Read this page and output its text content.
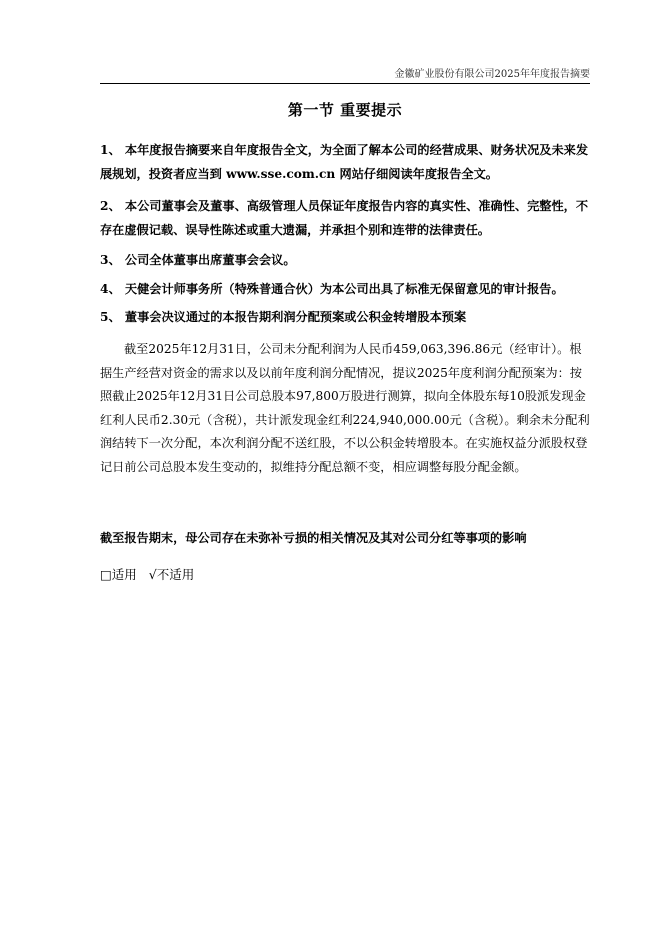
金徽矿业股份有限公司2025年年度报告摘要
第一节 重要提示
1、 本年度报告摘要来自年度报告全文，为全面了解本公司的经营成果、财务状况及未来发展规划，投资者应当到 www.sse.com.cn 网站仔细阅读年度报告全文。
2、 本公司董事会及董事、高级管理人员保证年度报告内容的真实性、准确性、完整性，不存在虚假记载、误导性陈述或重大遗漏，并承担个别和连带的法律责任。
3、 公司全体董事出席董事会会议。
4、 天健会计师事务所（特殊普通合伙）为本公司出具了标准无保留意见的审计报告。
5、 董事会决议通过的本报告期利润分配预案或公积金转增股本预案
截至2025年12月31日，公司未分配利润为人民币459,063,396.86元（经审计）。根据生产经营对资金的需求以及以前年度利润分配情况，提议2025年度利润分配预案为：按照截止2025年12月31日公司总股本97,800万股进行测算，拟向全体股东每10股派发现金红利人民币2.30元（含税），共计派发现金红利224,940,000.00元（含税）。剩余未分配利润结转下一次分配，本次利润分配不送红股，不以公积金转增股本。在实施权益分派股权登记日前公司总股本发生变动的，拟维持分配总额不变，相应调整每股分配金额。
截至报告期末，母公司存在未弥补亏损的相关情况及其对公司分红等事项的影响
□适用 √不适用
